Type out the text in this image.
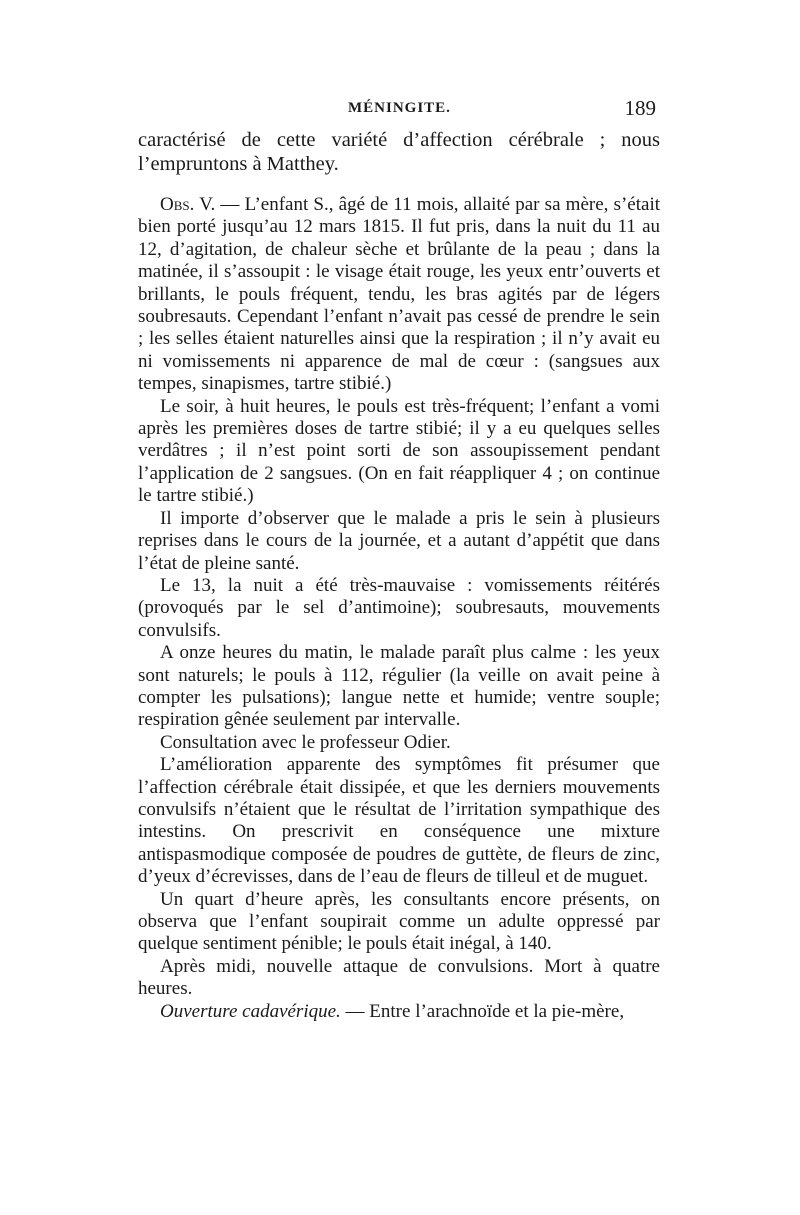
MÉNINGITE.	189

caractérisé de cette variété d’affection cérébrale ; nous l’empruntons à Matthey.

Obs. V. — L’enfant S., âgé de 11 mois, allaité par sa mère, s’était bien porté jusqu’au 12 mars 1815. Il fut pris, dans la nuit du 11 au 12, d’agitation, de chaleur sèche et brûlante de la peau ; dans la matinée, il s’assoupit : le visage était rouge, les yeux entr’ouverts et brillants, le pouls fréquent, tendu, les bras agités par de légers soubresauts. Cependant l’enfant n’avait pas cessé de prendre le sein ; les selles étaient naturelles ainsi que la respiration ; il n’y avait eu ni vomissements ni apparence de mal de cœur : (sangsues aux tempes, sinapismes, tartre stibié.)

Le soir, à huit heures, le pouls est très-fréquent; l’enfant a vomi après les premières doses de tartre stibié; il y a eu quelques selles verdâtres ; il n’est point sorti de son assoupissement pendant l’application de 2 sangsues. (On en fait réappliquer 4 ; on continue le tartre stibié.)

Il importe d’observer que le malade a pris le sein à plusieurs reprises dans le cours de la journée, et a autant d’appétit que dans l’état de pleine santé.

Le 13, la nuit a été très-mauvaise : vomissements réitérés (provoqués par le sel d’antimoine); soubresauts, mouvements convulsifs.

A onze heures du matin, le malade paraît plus calme : les yeux sont naturels; le pouls à 112, régulier (la veille on avait peine à compter les pulsations); langue nette et humide; ventre souple; respiration gênée seulement par intervalle.

Consultation avec le professeur Odier.

L’amélioration apparente des symptômes fit présumer que l’affection cérébrale était dissipée, et que les derniers mouvements convulsifs n’étaient que le résultat de l’irritation sympathique des intestins. On prescrivit en conséquence une mixture antispasmodique composée de poudres de guttète, de fleurs de zinc, d’yeux d’écrevisses, dans de l’eau de fleurs de tilleul et de muguet.

Un quart d’heure après, les consultants encore présents, on observa que l’enfant soupirait comme un adulte oppressé par quelque sentiment pénible; le pouls était inégal, à 140.

Après midi, nouvelle attaque de convulsions. Mort à quatre heures.

Ouverture cadavérique. — Entre l’arachnoïde et la pie-mère,
